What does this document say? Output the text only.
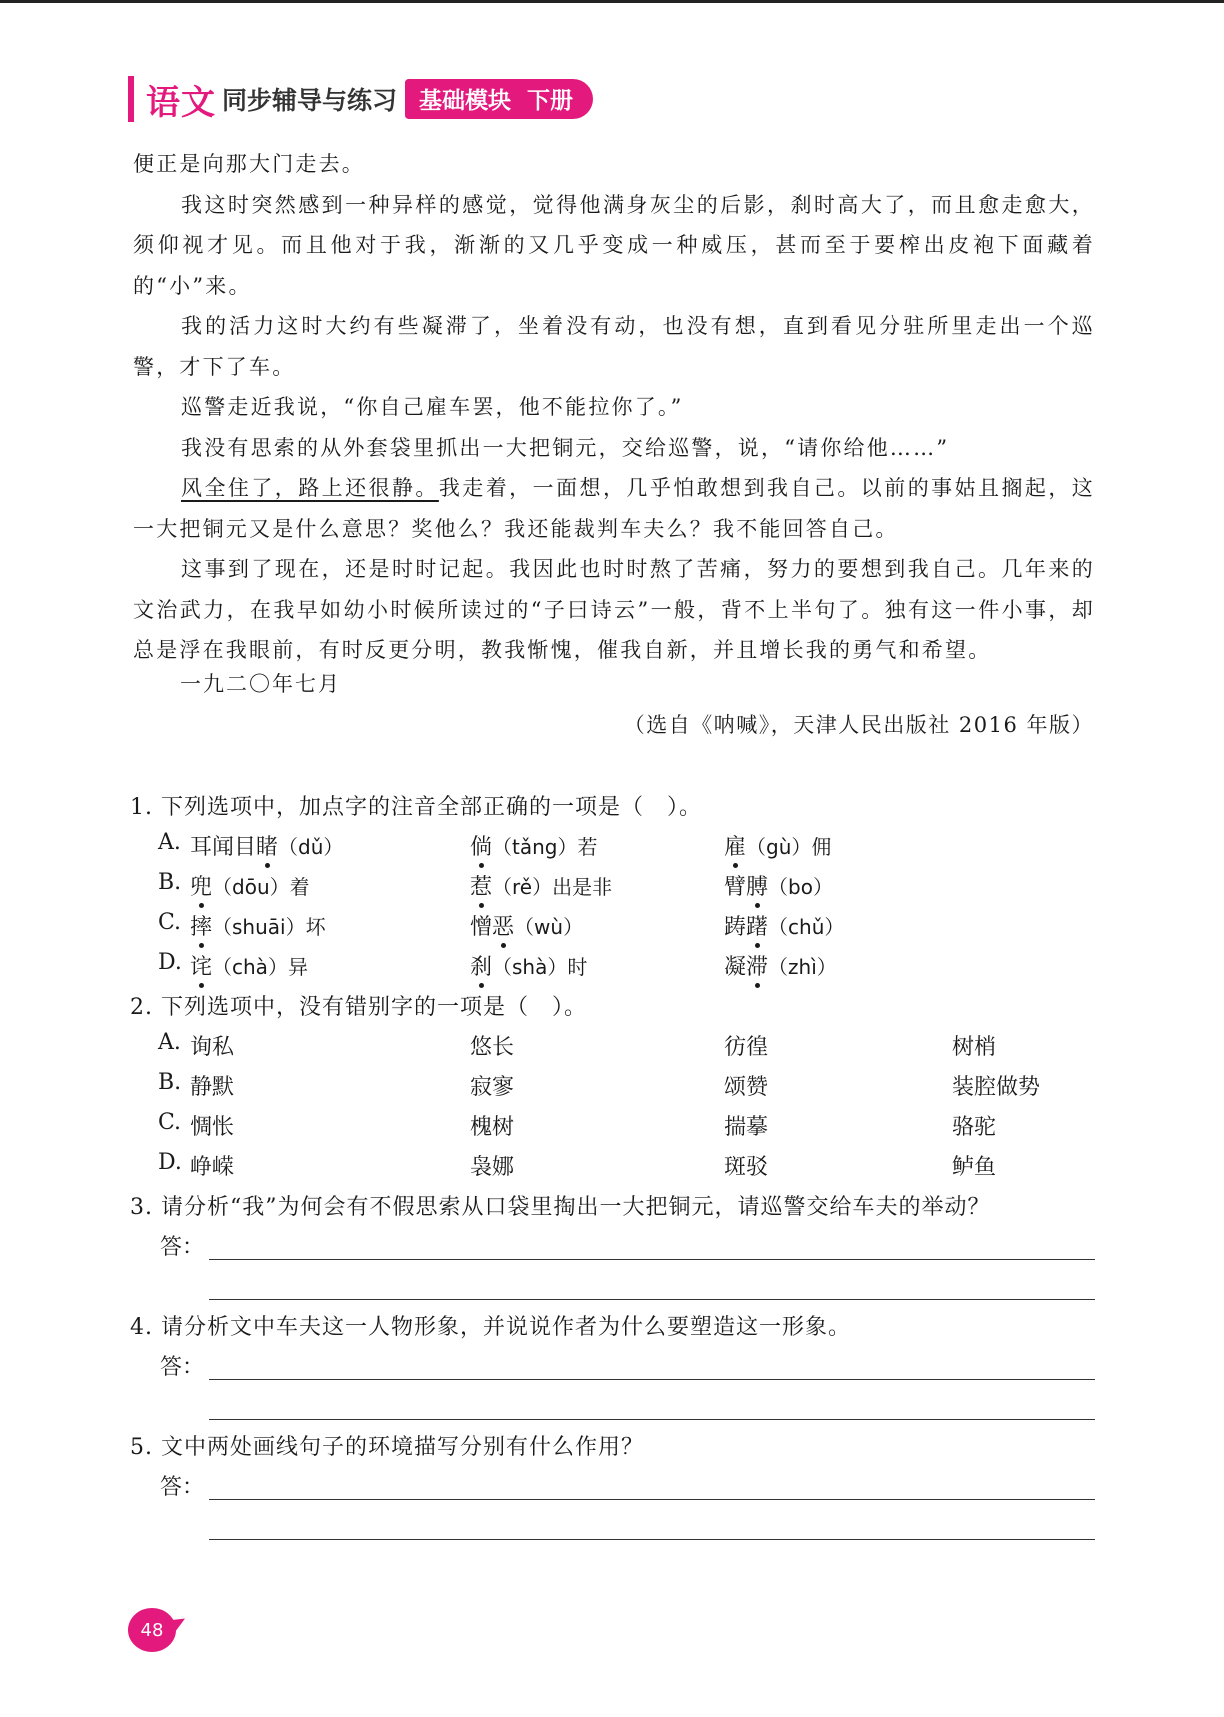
语文 同步辅导与练习 基础模块 下册

便正是向那大门走去。

我这时突然感到一种异样的感觉，觉得他满身灰尘的后影，刹时高大了，而且愈走愈大，须仰视才见。而且他对于我，渐渐的又几乎变成一种威压，甚而至于要榨出皮袍下面藏着的“小”来。

我的活力这时大约有些凝滞了，坐着没有动，也没有想，直到看见分驻所里走出一个巡警，才下了车。

巡警走近我说，“你自己雇车罢，他不能拉你了。”

我没有思索的从外套袋里抓出一大把铜元，交给巡警，说，“请你给他……”

风全住了，路上还很静。我走着，一面想，几乎怕敢想到我自己。以前的事姑且搁起，这一大把铜元又是什么意思？奖他么？我还能裁判车夫么？我不能回答自己。

这事到了现在，还是时时记起。我因此也时时熬了苦痛，努力的要想到我自己。几年来的文治武力，在我早如幼小时候所读过的“子曰诗云”一般，背不上半句了。独有这一件小事，却总是浮在我眼前，有时反更分明，教我惭愧，催我自新，并且增长我的勇气和希望。

一九二〇年七月
（选自《呐喊》，天津人民出版社 2016 年版）
1. 下列选项中，加点字的注音全部正确的一项是（　）。
A. 耳闻目睹（dǔ）	倘（tǎng）若	雇（gù）佣
B. 兜（dōu）着	惹（rě）出是非	臂膊（bo）
C. 摔（shuāi）坏	憎恶（wù）	踌躇（chǔ）
D. 诧（chà）异	刹（shà）时	凝滞（zhì）
2. 下列选项中，没有错别字的一项是（　）。
A. 询私	悠长	彷徨	树梢
B. 静默	寂寥	颂赞	装腔做势
C. 惆怅	槐树	揣摹	骆驼
D. 峥嵘	袅娜	斑驳	鲈鱼
3. 请分析“我”为何会有不假思索从口袋里掏出一大把铜元，请巡警交给车夫的举动？
答：
4. 请分析文中车夫这一人物形象，并说说作者为什么要塑造这一形象。
答：
5. 文中两处画线句子的环境描写分别有什么作用？
答：
48
